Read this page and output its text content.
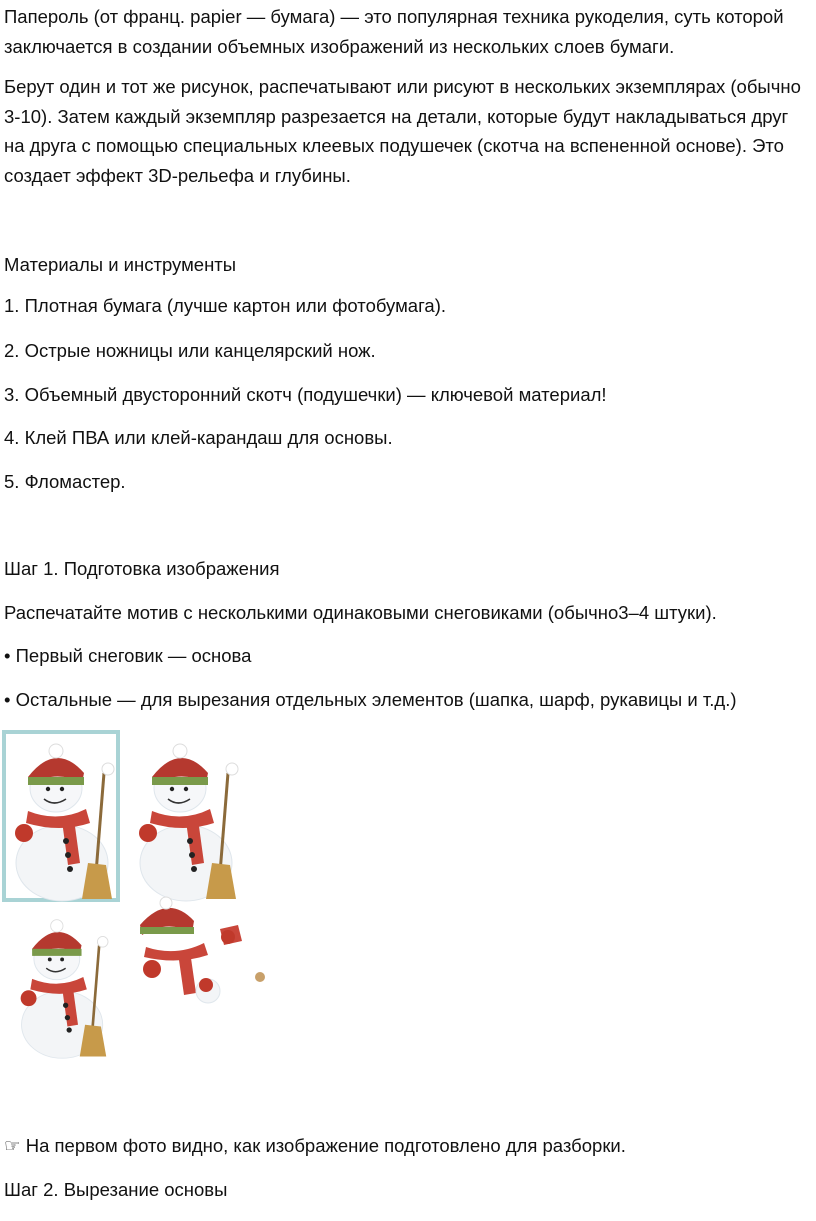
Папероль (от франц. papier — бумага) — это популярная техника рукоделия, суть которой заключается в создании объемных изображений из нескольких слоев бумаги.

Берут один и тот же рисунок, распечатывают или рисуют в нескольких экземплярах (обычно 3-10). Затем каждый экземпляр разрезается на детали, которые будут накладываться друг на друга с помощью специальных клеевых подушечек (скотча на вспененной основе). Это создает эффект 3D-рельефа и глубины.

Материалы и инструменты

1. Плотная бумага (лучше картон или фотобумага).

2. Острые ножницы или канцелярский нож.

3. Объемный двусторонний скотч (подушечки) — ключевой материал!

4. Клей ПВА или клей-карандаш для основы.

5. Фломастер.

Шаг 1. Подготовка изображения

Распечатайте мотив с несколькими одинаковыми снеговиками (обычно3–4 штуки).

• Первый снеговик — основа

• Остальные — для вырезания отдельных элементов (шапка, шарф, рукавицы и т.д.)

☞ На первом фото видно, как изображение подготовлено для разборки.

Шаг 2. Вырезание основы
